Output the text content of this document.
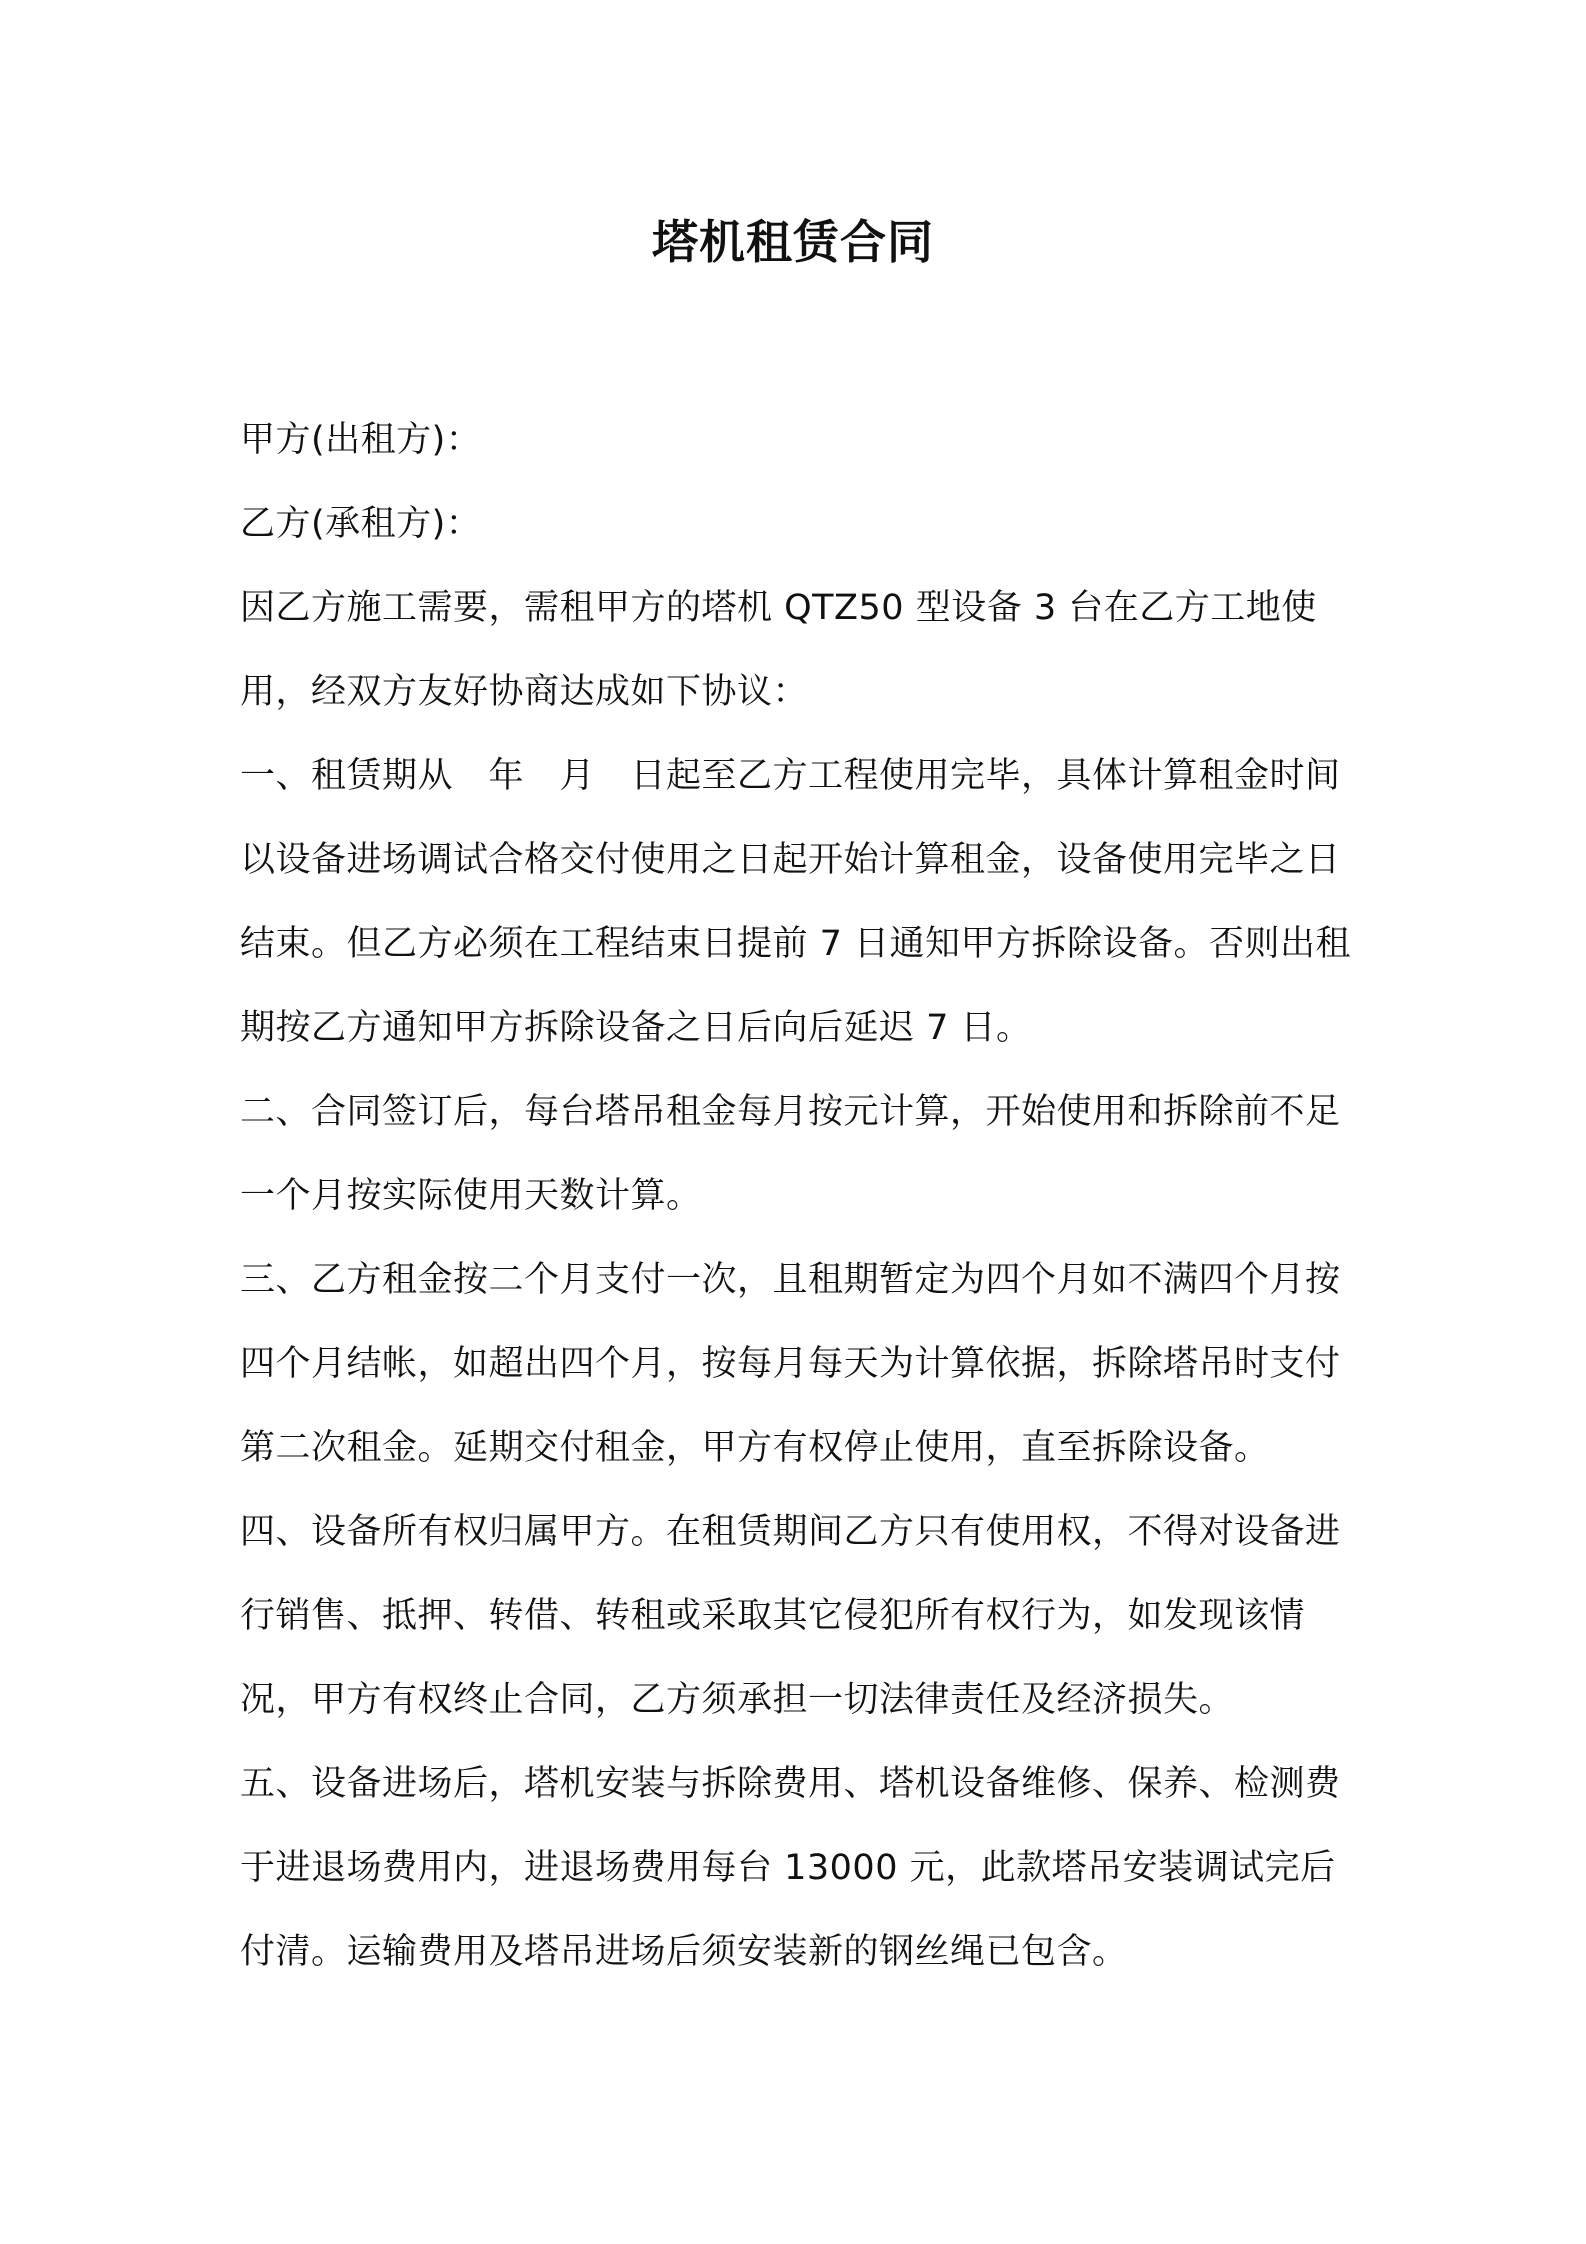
塔机租赁合同

甲方(出租方)：

乙方(承租方)：

因乙方施工需要，需租甲方的塔机 QTZ50 型设备 3 台在乙方工地使用，经双方友好协商达成如下协议：

一、租赁期从　年　月　日起至乙方工程使用完毕，具体计算租金时间以设备进场调试合格交付使用之日起开始计算租金，设备使用完毕之日结束。但乙方必须在工程结束日提前 7 日通知甲方拆除设备。否则出租期按乙方通知甲方拆除设备之日后向后延迟 7 日。

二、合同签订后，每台塔吊租金每月按元计算，开始使用和拆除前不足一个月按实际使用天数计算。

三、乙方租金按二个月支付一次，且租期暂定为四个月如不满四个月按四个月结帐，如超出四个月，按每月每天为计算依据，拆除塔吊时支付第二次租金。延期交付租金，甲方有权停止使用，直至拆除设备。

四、设备所有权归属甲方。在租赁期间乙方只有使用权，不得对设备进行销售、抵押、转借、转租或采取其它侵犯所有权行为，如发现该情况，甲方有权终止合同，乙方须承担一切法律责任及经济损失。

五、设备进场后，塔机安装与拆除费用、塔机设备维修、保养、检测费于进退场费用内，进退场费用每台 13000 元，此款塔吊安装调试完后付清。运输费用及塔吊进场后须安装新的钢丝绳已包含。
